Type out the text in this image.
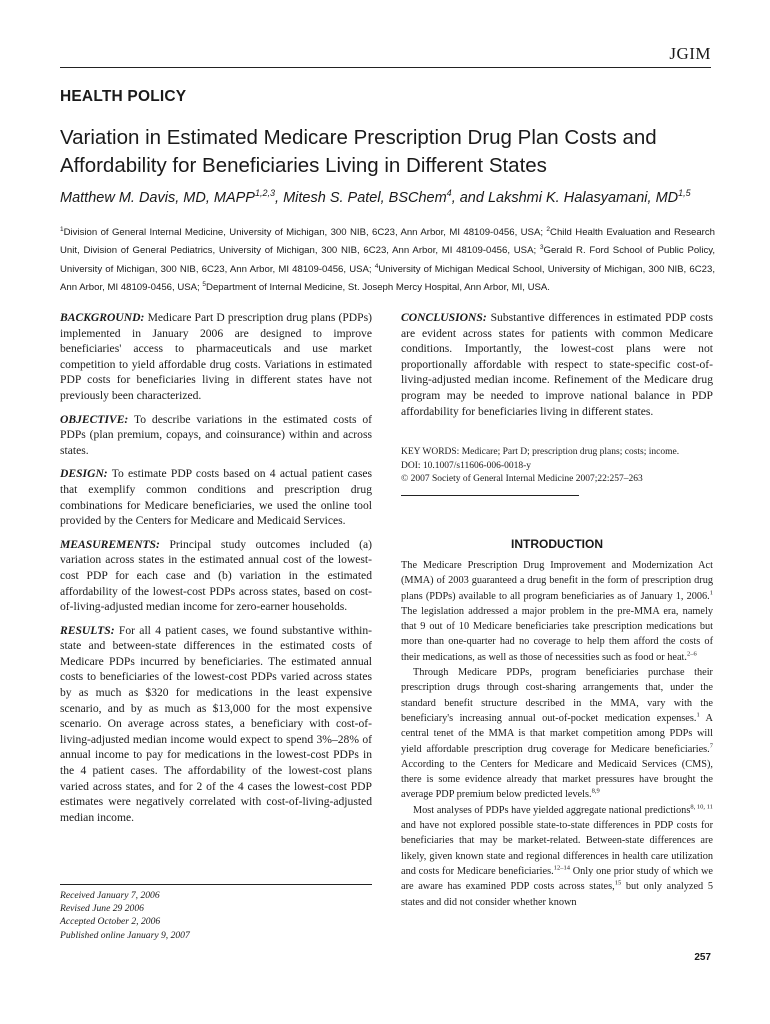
JGIM
HEALTH POLICY
Variation in Estimated Medicare Prescription Drug Plan Costs and Affordability for Beneficiaries Living in Different States
Matthew M. Davis, MD, MAPP$^{1,2,3}$, Mitesh S. Patel, BSChem$^4$, and Lakshmi K. Halasyamani, MD$^{1,5}$
$^1$Division of General Internal Medicine, University of Michigan, 300 NIB, 6C23, Ann Arbor, MI 48109-0456, USA; $^2$Child Health Evaluation and Research Unit, Division of General Pediatrics, University of Michigan, 300 NIB, 6C23, Ann Arbor, MI 48109-0456, USA; $^3$Gerald R. Ford School of Public Policy, University of Michigan, 300 NIB, 6C23, Ann Arbor, MI 48109-0456, USA; $^4$University of Michigan Medical School, University of Michigan, 300 NIB, 6C23, Ann Arbor, MI 48109-0456, USA; $^5$Department of Internal Medicine, St. Joseph Mercy Hospital, Ann Arbor, MI, USA.

BACKGROUND: Medicare Part D prescription drug plans (PDPs) implemented in January 2006 are designed to improve beneficiaries' access to pharmaceuticals and use market competition to yield affordable drug costs. Variations in estimated PDP costs for beneficiaries living in different states have not previously been characterized.

OBJECTIVE: To describe variations in the estimated costs of PDPs (plan premium, copays, and coinsurance) within and across states.

DESIGN: To estimate PDP costs based on 4 actual patient cases that exemplify common conditions and prescription drug combinations for Medicare beneficiaries, we used the online tool provided by the Centers for Medicare and Medicaid Services.

MEASUREMENTS: Principal study outcomes included (a) variation across states in the estimated annual cost of the lowest-cost PDP for each case and (b) variation in the estimated affordability of the lowest-cost PDPs across states, based on cost-of-living-adjusted median income for zero-earner households.

RESULTS: For all 4 patient cases, we found substantive within-state and between-state differences in the estimated costs of Medicare PDPs incurred by beneficiaries. The estimated annual costs to beneficiaries of the lowest-cost PDPs varied across states by as much as $320 for medications in the least expensive scenario, and by as much as $13,000 for the most expensive scenario. On average across states, a beneficiary with cost-of-living-adjusted median income would expect to spend 3%–28% of annual income to pay for medications in the lowest-cost PDPs in the 4 patient cases. The affordability of the lowest-cost plans varied across states, and for 2 of the 4 cases the lowest-cost PDP estimates were negatively correlated with cost-of-living-adjusted median income.

CONCLUSIONS: Substantive differences in estimated PDP costs are evident across states for patients with common Medicare conditions. Importantly, the lowest-cost plans were not proportionally affordable with respect to state-specific cost-of-living-adjusted median income. Refinement of the Medicare drug program may be needed to improve national balance in PDP affordability for beneficiaries living in different states.

KEY WORDS: Medicare; Part D; prescription drug plans; costs; income.
DOI: 10.1007/s11606-006-0018-y
© 2007 Society of General Internal Medicine 2007;22:257–263
INTRODUCTION

The Medicare Prescription Drug Improvement and Modernization Act (MMA) of 2003 guaranteed a drug benefit in the form of prescription drug plans (PDPs) available to all program beneficiaries as of January 1, 2006.$^1$ The legislation addressed a major problem in the pre-MMA era, namely that 9 out of 10 Medicare beneficiaries take prescription medications but more than one-quarter had no coverage to help them afford the costs of their medications, as well as those of necessities such as food or heat.$^{2-6}$

Through Medicare PDPs, program beneficiaries purchase their prescription drugs through cost-sharing arrangements that, under the standard benefit structure described in the MMA, vary with the beneficiary's increasing annual out-of-pocket medication expenses.$^1$ A central tenet of the MMA is that market competition among PDPs will yield affordable prescription drug coverage for Medicare beneficiaries.$^7$ According to the Centers for Medicare and Medicaid Services (CMS), there is some evidence already that market pressures have brought the average PDP premium below predicted levels.$^{8,9}$

Most analyses of PDPs have yielded aggregate national predictions$^{8, 10, 11}$ and have not explored possible state-to-state differences in PDP costs for beneficiaries that may be market-related. Between-state differences are likely, given known state and regional differences in health care utilization and costs for Medicare beneficiaries.$^{12-14}$ Only one prior study of which we are aware has examined PDP costs across states,$^{15}$ but only analyzed 5 states and did not consider whether known

Received January 7, 2006
Revised June 29 2006
Accepted October 2, 2006
Published online January 9, 2007
257
